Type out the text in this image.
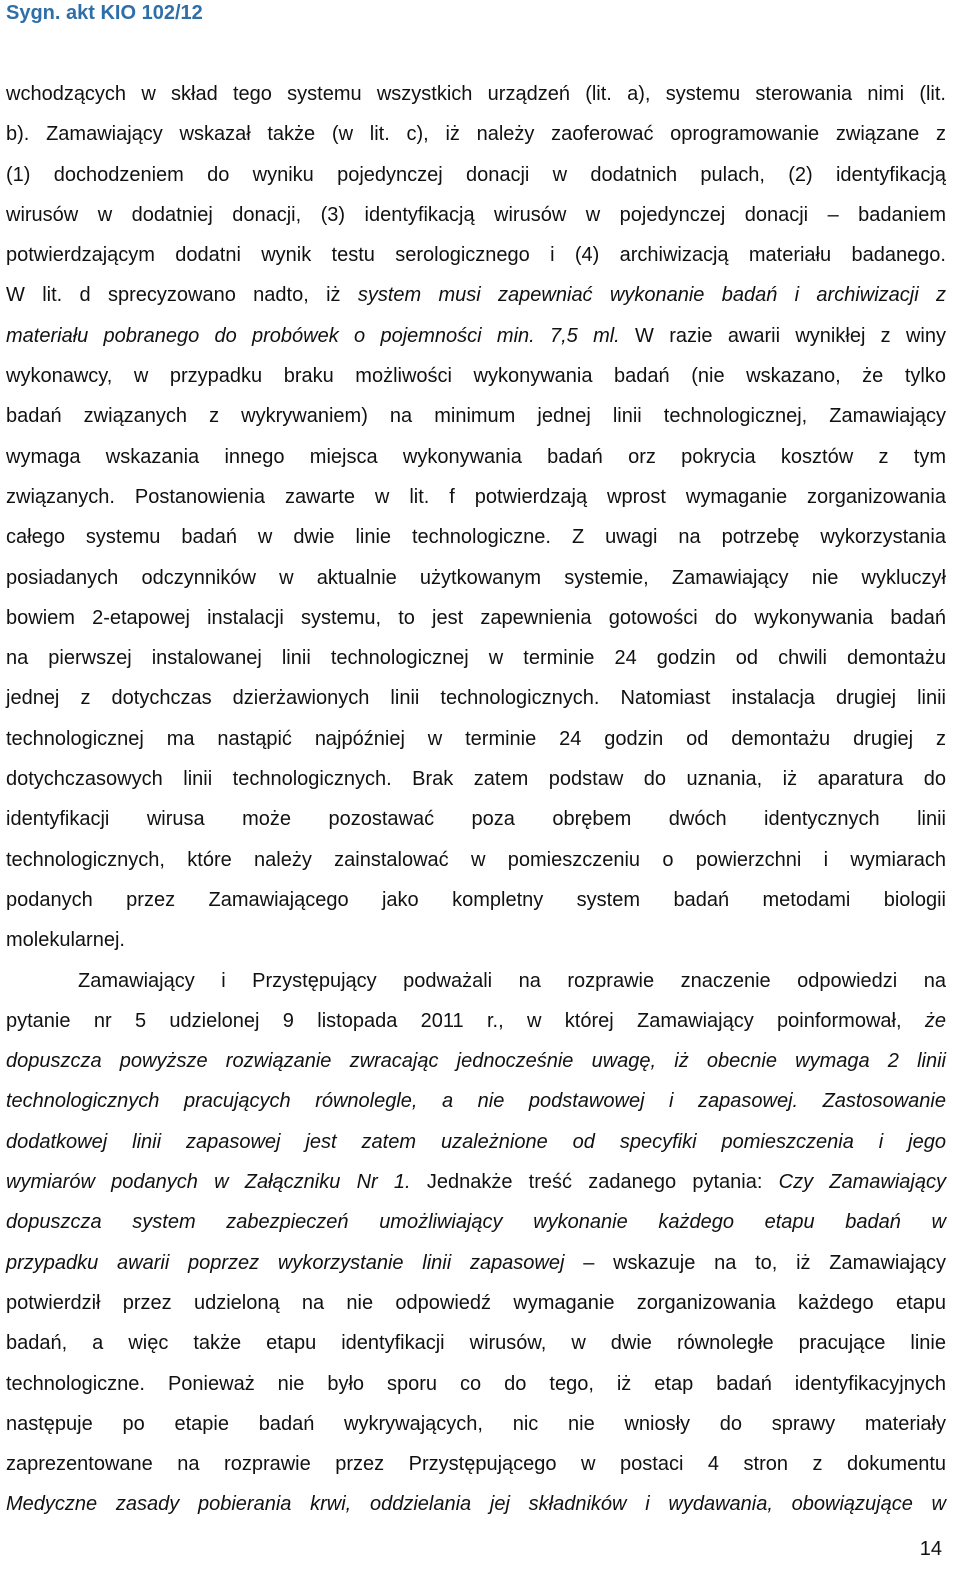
Sygn. akt KIO 102/12
wchodzących w skład tego systemu wszystkich urządzeń (lit. a), systemu sterowania nimi (lit.
b). Zamawiający wskazał także (w lit. c), iż należy zaoferować oprogramowanie związane z
(1) dochodzeniem do wyniku pojedynczej donacji w dodatnich pulach, (2) identyfikacją
wirusów w dodatniej donacji, (3) identyfikacją wirusów w pojedynczej donacji – badaniem
potwierdzającym dodatni wynik testu serologicznego i (4) archiwizacją materiału badanego.
W lit. d sprecyzowano nadto, iż system musi zapewniać wykonanie badań i archiwizacji z
materiału pobranego do probówek o pojemności min. 7,5 ml. W razie awarii wynikłej z winy
wykonawcy, w przypadku braku możliwości wykonywania badań (nie wskazano, że tylko
badań związanych z wykrywaniem) na minimum jednej linii technologicznej, Zamawiający
wymaga wskazania innego miejsca wykonywania badań orz pokrycia kosztów z tym
związanych. Postanowienia zawarte w lit. f potwierdzają wprost wymaganie zorganizowania
całego systemu badań w dwie linie technologiczne. Z uwagi na potrzebę wykorzystania
posiadanych odczynników w aktualnie użytkowanym systemie, Zamawiający nie wykluczył
bowiem 2-etapowej instalacji systemu, to jest zapewnienia gotowości do wykonywania badań
na pierwszej instalowanej linii technologicznej w terminie 24 godzin od chwili demontażu
jednej z dotychczas dzierżawionych linii technologicznych. Natomiast instalacja drugiej linii
technologicznej ma nastąpić najpóźniej w terminie 24 godzin od demontażu drugiej z
dotychczasowych linii technologicznych. Brak zatem podstaw do uznania, iż aparatura do
identyfikacji wirusa może pozostawać poza obrębem dwóch identycznych linii
technologicznych, które należy zainstalować w pomieszczeniu o powierzchni i wymiarach
podanych przez Zamawiającego jako kompletny system badań metodami biologii
molekularnej.
Zamawiający i Przystępujący podważali na rozprawie znaczenie odpowiedzi na
pytanie nr 5 udzielonej 9 listopada 2011 r., w której Zamawiający poinformował, że
dopuszcza powyższe rozwiązanie zwracając jednocześnie uwagę, iż obecnie wymaga 2 linii
technologicznych pracujących równolegle, a nie podstawowej i zapasowej. Zastosowanie
dodatkowej linii zapasowej jest zatem uzależnione od specyfiki pomieszczenia i jego
wymiarów podanych w Załączniku Nr 1. Jednakże treść zadanego pytania: Czy Zamawiający
dopuszcza system zabezpieczeń umożliwiający wykonanie każdego etapu badań w
przypadku awarii poprzez wykorzystanie linii zapasowej – wskazuje na to, iż Zamawiający
potwierdził przez udzieloną na nie odpowiedź wymaganie zorganizowania każdego etapu
badań, a więc także etapu identyfikacji wirusów, w dwie równoległe pracujące linie
technologiczne. Ponieważ nie było sporu co do tego, iż etap badań identyfikacyjnych
następuje po etapie badań wykrywających, nic nie wniosły do sprawy materiały
zaprezentowane na rozprawie przez Przystępującego w postaci 4 stron z dokumentu
Medyczne zasady pobierania krwi, oddzielania jej składników i wydawania, obowiązujące w
14
